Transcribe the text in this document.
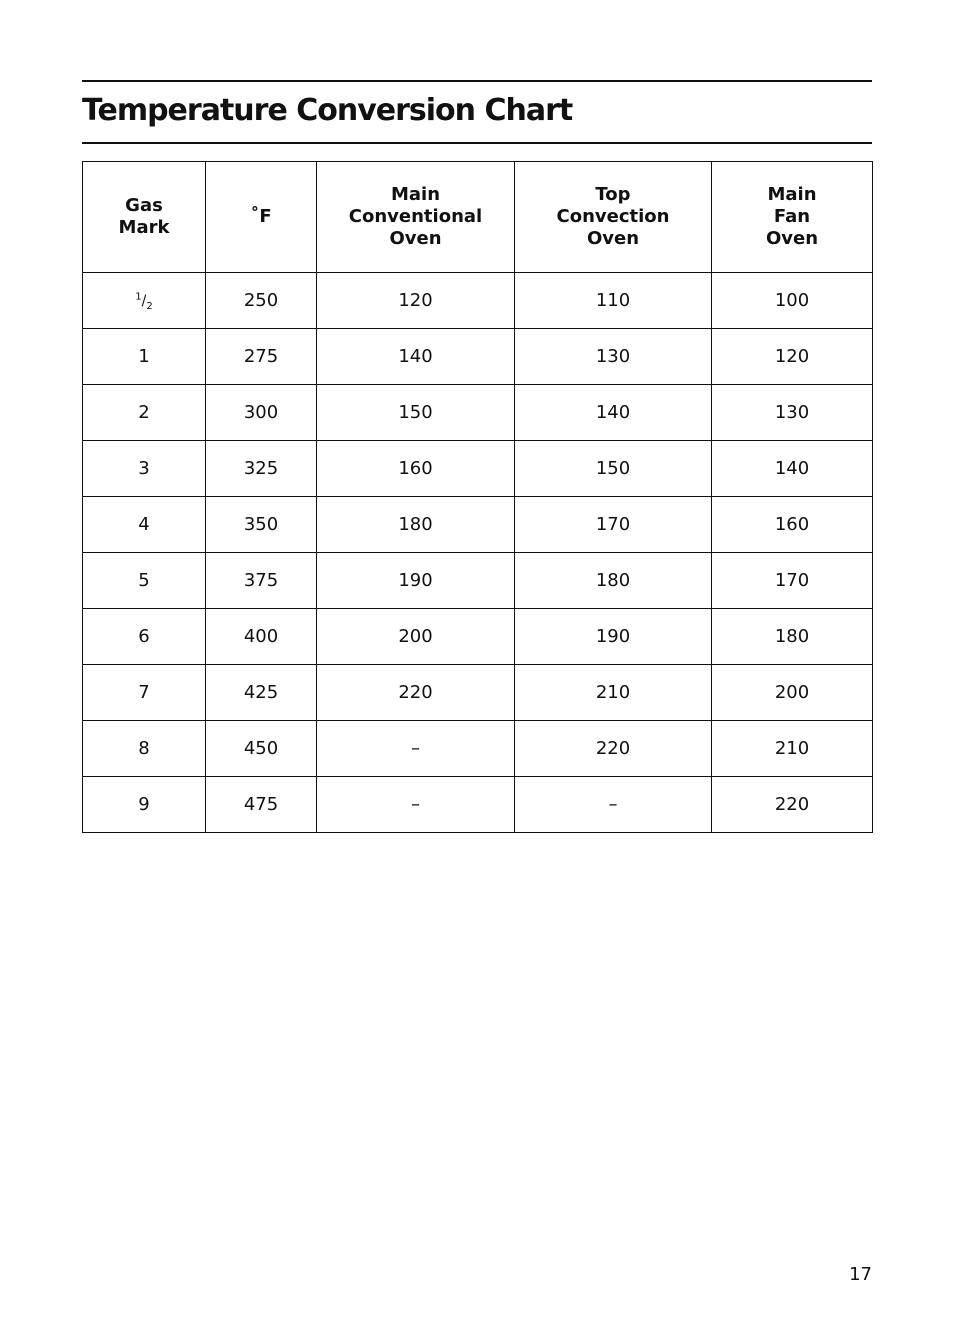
Temperature Conversion Chart
Gas
Mark	˚F	Main
Conventional
Oven	Top
Convection
Oven	Main
Fan
Oven
$^1/_2$	250	120	110	100
1	275	140	130	120
2	300	150	140	130
3	325	160	150	140
4	350	180	170	160
5	375	190	180	170
6	400	200	190	180
7	425	220	210	200
8	450	–	220	210
9	475	–	–	220
17
